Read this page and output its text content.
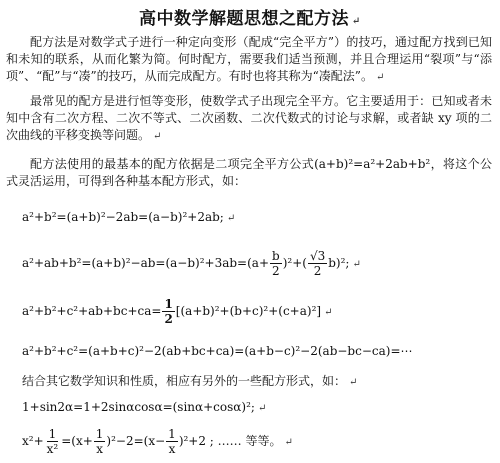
高中数学解题思想之配方法 ↵
配方法是对数学式子进行一种定向变形（配成“完全平方”）的技巧，通过配方找到已知和未知的联系，从而化繁为简。何时配方，需要我们适当预测，并且合理运用“裂项”与“添项”、“配”与“凑”的技巧，从而完成配方。有时也将其称为“凑配法”。 ↵
最常见的配方是进行恒等变形，使数学式子出现完全平方。它主要适用于：已知或者未知中含有二次方程、二次不等式、二次函数、二次代数式的讨论与求解，或者缺 xy 项的二次曲线的平移变换等问题。 ↵
配方法使用的最基本的配方依据是二项完全平方公式(a+b)²=a²+2ab+b²，将这个公式灵活运用，可得到各种基本配方形式，如：
a²+b²=(a+b)²−2ab=(a−b)²+2ab; ↵
$a^2+ab+b^2=(a+b)^2-ab=(a-b)^2+3ab=(a+ \frac{b}{2} )^2+( \frac{√3}{2} b)^2$; ↵
$a^2+b^2+c^2+ab+bc+ca= \frac{1}{2} [(a+b)^2+(b+c)^2+(c+a)^2]$ ↵
a²+b²+c²=(a+b+c)²−2(ab+bc+ca)=(a+b−c)²−2(ab−bc−ca)=⋯
结合其它数学知识和性质，相应有另外的一些配方形式，如： ↵
1+sin2α=1+2sinαcosα=(sinα+cosα)²; ↵
$x^2+ \frac{1}{\text{x²}} =(x+ \frac{1}{x} )^2-2=(x- \frac{1}{x} )^2+2$ ; …… 等等。 ↵
